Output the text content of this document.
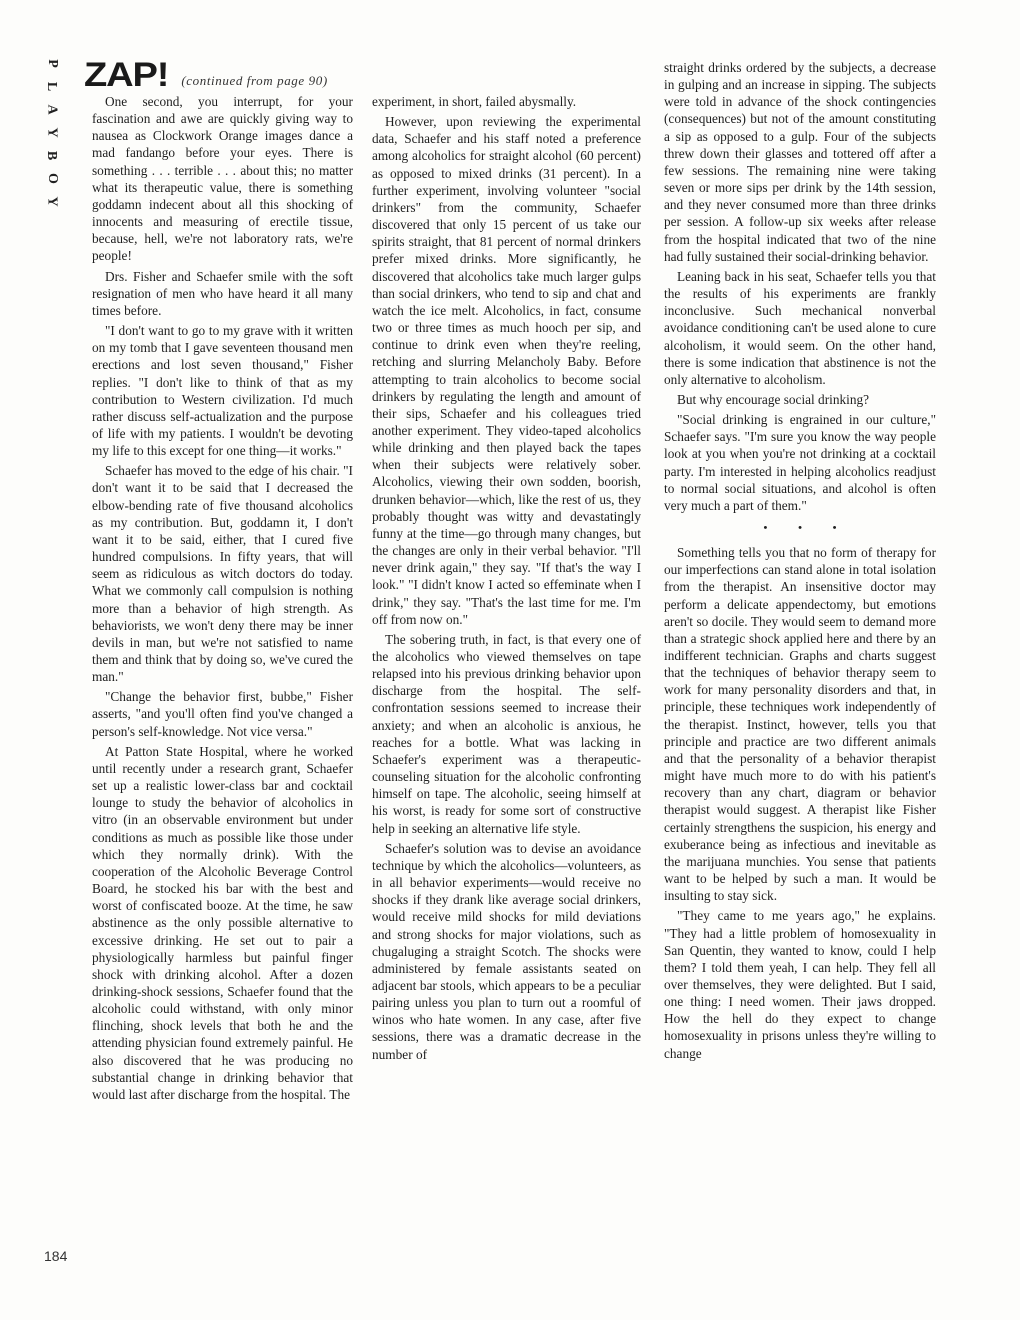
P
L
A
Y
B
O
Y
ZAP! (continued from page 90)

One second, you interrupt, for your fascination and awe are quickly giving way to nausea as Clockwork Orange images dance a mad fandango before your eyes. There is something . . . terrible . . . about this; no matter what its therapeutic value, there is something goddamn indecent about all this shocking of innocents and measuring of erectile tissue, because, hell, we're not laboratory rats, we're people!

Drs. Fisher and Schaefer smile with the soft resignation of men who have heard it all many times before.

"I don't want to go to my grave with it written on my tomb that I gave seventeen thousand men erections and lost seven thousand," Fisher replies. "I don't like to think of that as my contribution to Western civilization. I'd much rather discuss self-actualization and the purpose of life with my patients. I wouldn't be devoting my life to this except for one thing—it works."

Schaefer has moved to the edge of his chair. "I don't want it to be said that I decreased the elbow-bending rate of five thousand alcoholics as my contribution. But, goddamn it, I don't want it to be said, either, that I cured five hundred compulsions. In fifty years, that will seem as ridiculous as witch doctors do today. What we commonly call compulsion is nothing more than a behavior of high strength. As behaviorists, we won't deny there may be inner devils in man, but we're not satisfied to name them and think that by doing so, we've cured the man."

"Change the behavior first, bubbe," Fisher asserts, "and you'll often find you've changed a person's self-knowledge. Not vice versa."

At Patton State Hospital, where he worked until recently under a research grant, Schaefer set up a realistic lower-class bar and cocktail lounge to study the behavior of alcoholics in vitro (in an observable environment but under conditions as much as possible like those under which they normally drink). With the cooperation of the Alcoholic Beverage Control Board, he stocked his bar with the best and worst of confiscated booze. At the time, he saw abstinence as the only possible alternative to excessive drinking. He set out to pair a physiologically harmless but painful finger shock with drinking alcohol. After a dozen drinking-shock sessions, Schaefer found that the alcoholic could withstand, with only minor flinching, shock levels that both he and the attending physician found extremely painful. He also discovered that he was producing no substantial change in drinking behavior that would last after discharge from the hospital. The

experiment, in short, failed abysmally.

However, upon reviewing the experimental data, Schaefer and his staff noted a preference among alcoholics for straight alcohol (60 percent) as opposed to mixed drinks (31 percent). In a further experiment, involving volunteer "social drinkers" from the community, Schaefer discovered that only 15 percent of us take our spirits straight, that 81 percent of normal drinkers prefer mixed drinks. More significantly, he discovered that alcoholics take much larger gulps than social drinkers, who tend to sip and chat and watch the ice melt. Alcoholics, in fact, consume two or three times as much hooch per sip, and continue to drink even when they're reeling, retching and slurring Melancholy Baby. Before attempting to train alcoholics to become social drinkers by regulating the length and amount of their sips, Schaefer and his colleagues tried another experiment. They video-taped alcoholics while drinking and then played back the tapes when their subjects were relatively sober. Alcoholics, viewing their own sodden, boorish, drunken behavior—which, like the rest of us, they probably thought was witty and devastatingly funny at the time—go through many changes, but the changes are only in their verbal behavior. "I'll never drink again," they say. "If that's the way I look." "I didn't know I acted so effeminate when I drink," they say. "That's the last time for me. I'm off from now on."

The sobering truth, in fact, is that every one of the alcoholics who viewed themselves on tape relapsed into his previous drinking behavior upon discharge from the hospital. The self-confrontation sessions seemed to increase their anxiety; and when an alcoholic is anxious, he reaches for a bottle. What was lacking in Schaefer's experiment was a therapeutic-counseling situation for the alcoholic confronting himself on tape. The alcoholic, seeing himself at his worst, is ready for some sort of constructive help in seeking an alternative life style.

Schaefer's solution was to devise an avoidance technique by which the alcoholics—volunteers, as in all behavior experiments—would receive no shocks if they drank like average social drinkers, would receive mild shocks for mild deviations and strong shocks for major violations, such as chugaluging a straight Scotch. The shocks were administered by female assistants seated on adjacent bar stools, which appears to be a peculiar pairing unless you plan to turn out a roomful of winos who hate women. In any case, after five sessions, there was a dramatic decrease in the number of

straight drinks ordered by the subjects, a decrease in gulping and an increase in sipping. The subjects were told in advance of the shock contingencies (consequences) but not of the amount constituting a sip as opposed to a gulp. Four of the subjects threw down their glasses and tottered off after a few sessions. The remaining nine were taking seven or more sips per drink by the 14th session, and they never consumed more than three drinks per session. A follow-up six weeks after release from the hospital indicated that two of the nine had fully sustained their social-drinking behavior.

Leaning back in his seat, Schaefer tells you that the results of his experiments are frankly inconclusive. Such mechanical nonverbal avoidance conditioning can't be used alone to cure alcoholism, it would seem. On the other hand, there is some indication that abstinence is not the only alternative to alcoholism.

But why encourage social drinking?

"Social drinking is engrained in our culture," Schaefer says. "I'm sure you know the way people look at you when you're not drinking at a cocktail party. I'm interested in helping alcoholics readjust to normal social situations, and alcohol is often very much a part of them."

• • •

Something tells you that no form of therapy for our imperfections can stand alone in total isolation from the therapist. An insensitive doctor may perform a delicate appendectomy, but emotions aren't so docile. They would seem to demand more than a strategic shock applied here and there by an indifferent technician. Graphs and charts suggest that the techniques of behavior therapy seem to work for many personality disorders and that, in principle, these techniques work independently of the therapist. Instinct, however, tells you that principle and practice are two different animals and that the personality of a behavior therapist might have much more to do with his patient's recovery than any chart, diagram or behavior therapist would suggest. A therapist like Fisher certainly strengthens the suspicion, his energy and exuberance being as infectious and inevitable as the marijuana munchies. You sense that patients want to be helped by such a man. It would be insulting to stay sick.

"They came to me years ago," he explains. "They had a little problem of homosexuality in San Quentin, they wanted to know, could I help them? I told them yeah, I can help. They fell all over themselves, they were delighted. But I said, one thing: I need women. Their jaws dropped. How the hell do they expect to change homosexuality in prisons unless they're willing to change

184
